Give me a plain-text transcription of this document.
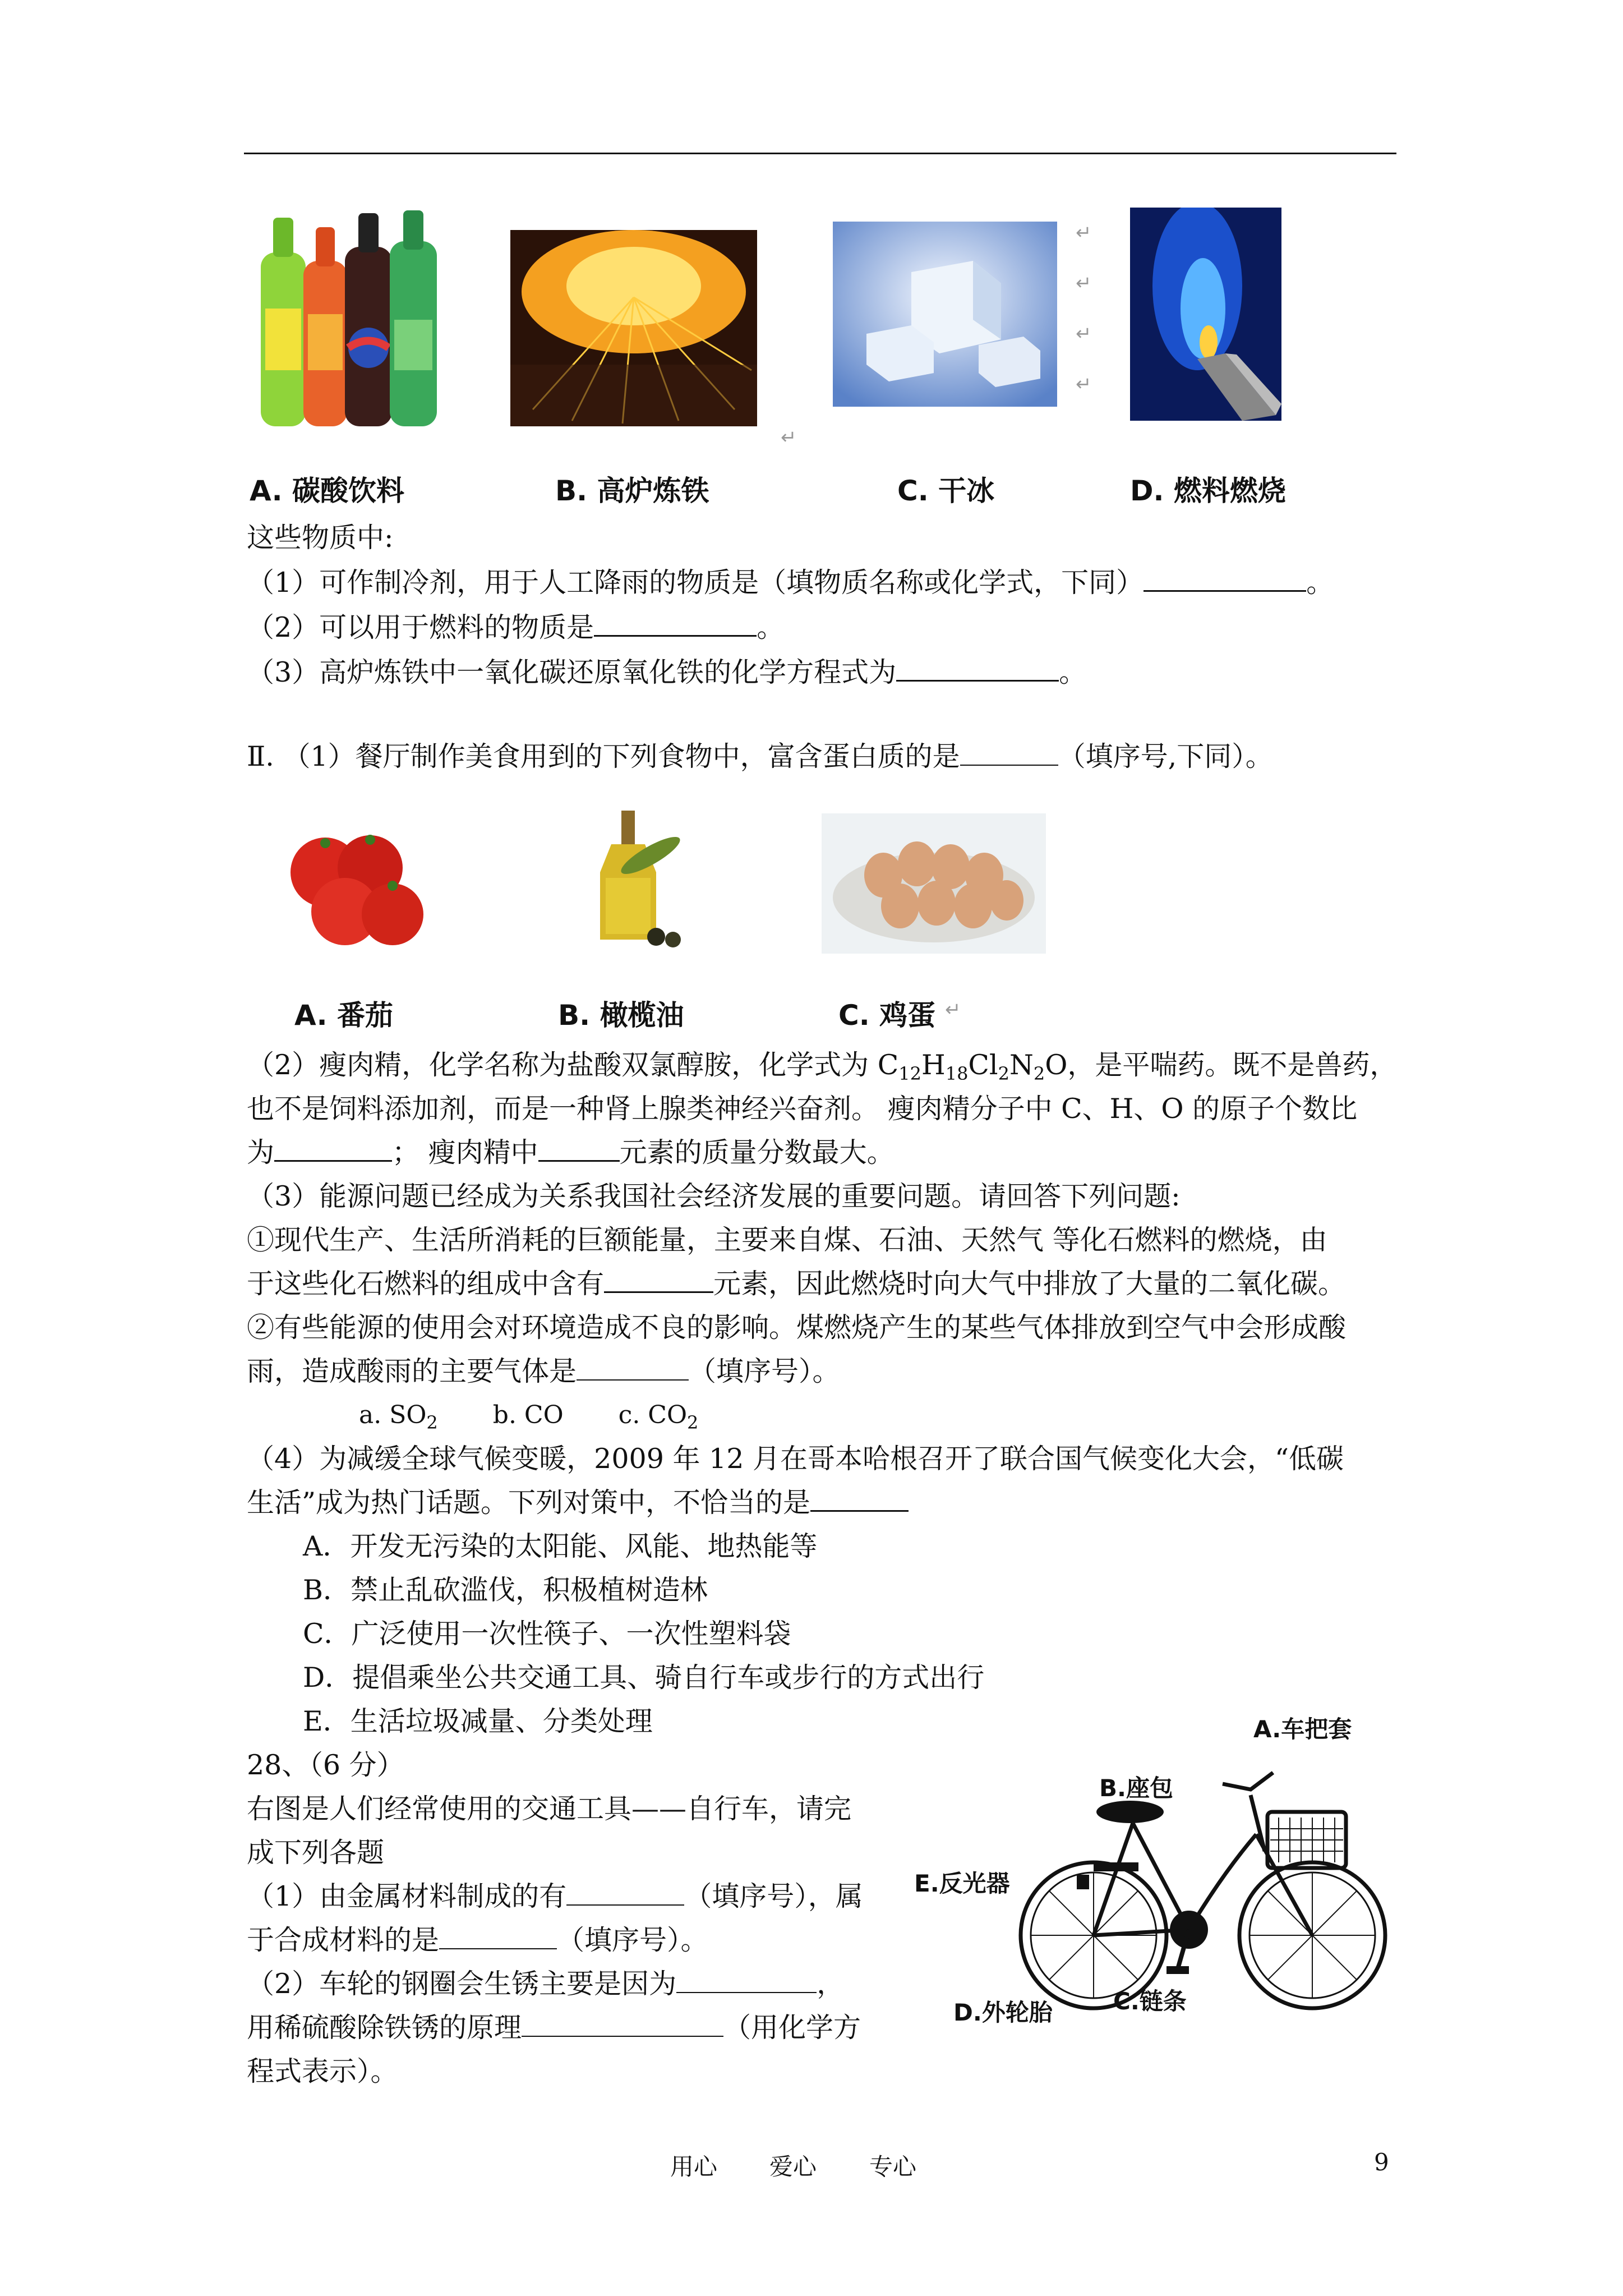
↵
↵
↵
↵
↵
A. 碳酸饮料	B. 高炉炼铁	C. 干冰	D. 燃料燃烧
这些物质中:
（1）可作制冷剂，用于人工降雨的物质是（填物质名称或化学式，下同）	。
（2）可以用于燃料的物质是	。
（3）高炉炼铁中一氧化碳还原氧化铁的化学方程式为	。
Ⅱ. （1）餐厅制作美食用到的下列食物中，富含蛋白质的是	（填序号,下同）。
A. 番茄	B. 橄榄油	C. 鸡蛋 ↵
（2）瘦肉精，化学名称为盐酸双氯醇胺，化学式为 $C_{12}H_{18}Cl_2N_2O$，是平喘药。既不是兽药，
也不是饲料添加剂，而是一种肾上腺类神经兴奋剂。 瘦肉精分子中 C、H、O 的原子个数比
为	； 瘦肉精中	元素的质量分数最大。
（3）能源问题已经成为关系我国社会经济发展的重要问题。请回答下列问题:
①现代生产、生活所消耗的巨额能量，主要来自煤、石油、天然气 等化石燃料的燃烧，由
于这些化石燃料的组成中含有	元素，因此燃烧时向大气中排放了大量的二氧化碳。
②有些能源的使用会对环境造成不良的影响。煤燃烧产生的某些气体排放到空气中会形成酸
雨，造成酸雨的主要气体是	（填序号）。
a. $SO_2$ b. CO c. $CO_2$
（4）为减缓全球气候变暖，2009 年 12 月在哥本哈根召开了联合国气候变化大会，“低碳
生活”成为热门话题。下列对策中，不恰当的是
A．开发无污染的太阳能、风能、地热能等
B．禁止乱砍滥伐，积极植树造林
C．广泛使用一次性筷子、一次性塑料袋
D．提倡乘坐公共交通工具、骑自行车或步行的方式出行
E．生活垃圾减量、分类处理
28、（6 分）
右图是人们经常使用的交通工具——自行车，请完
成下列各题
（1）由金属材料制成的有	（填序号），属
于合成材料的是	（填序号）。
（2）车轮的钢圈会生锈主要是因为	，
用稀硫酸除铁锈的原理	（用化学方
程式表示）。
A.车把套
B.座包
E.反光器
D.外轮胎	C.链条
用心 爱心 专心	9
